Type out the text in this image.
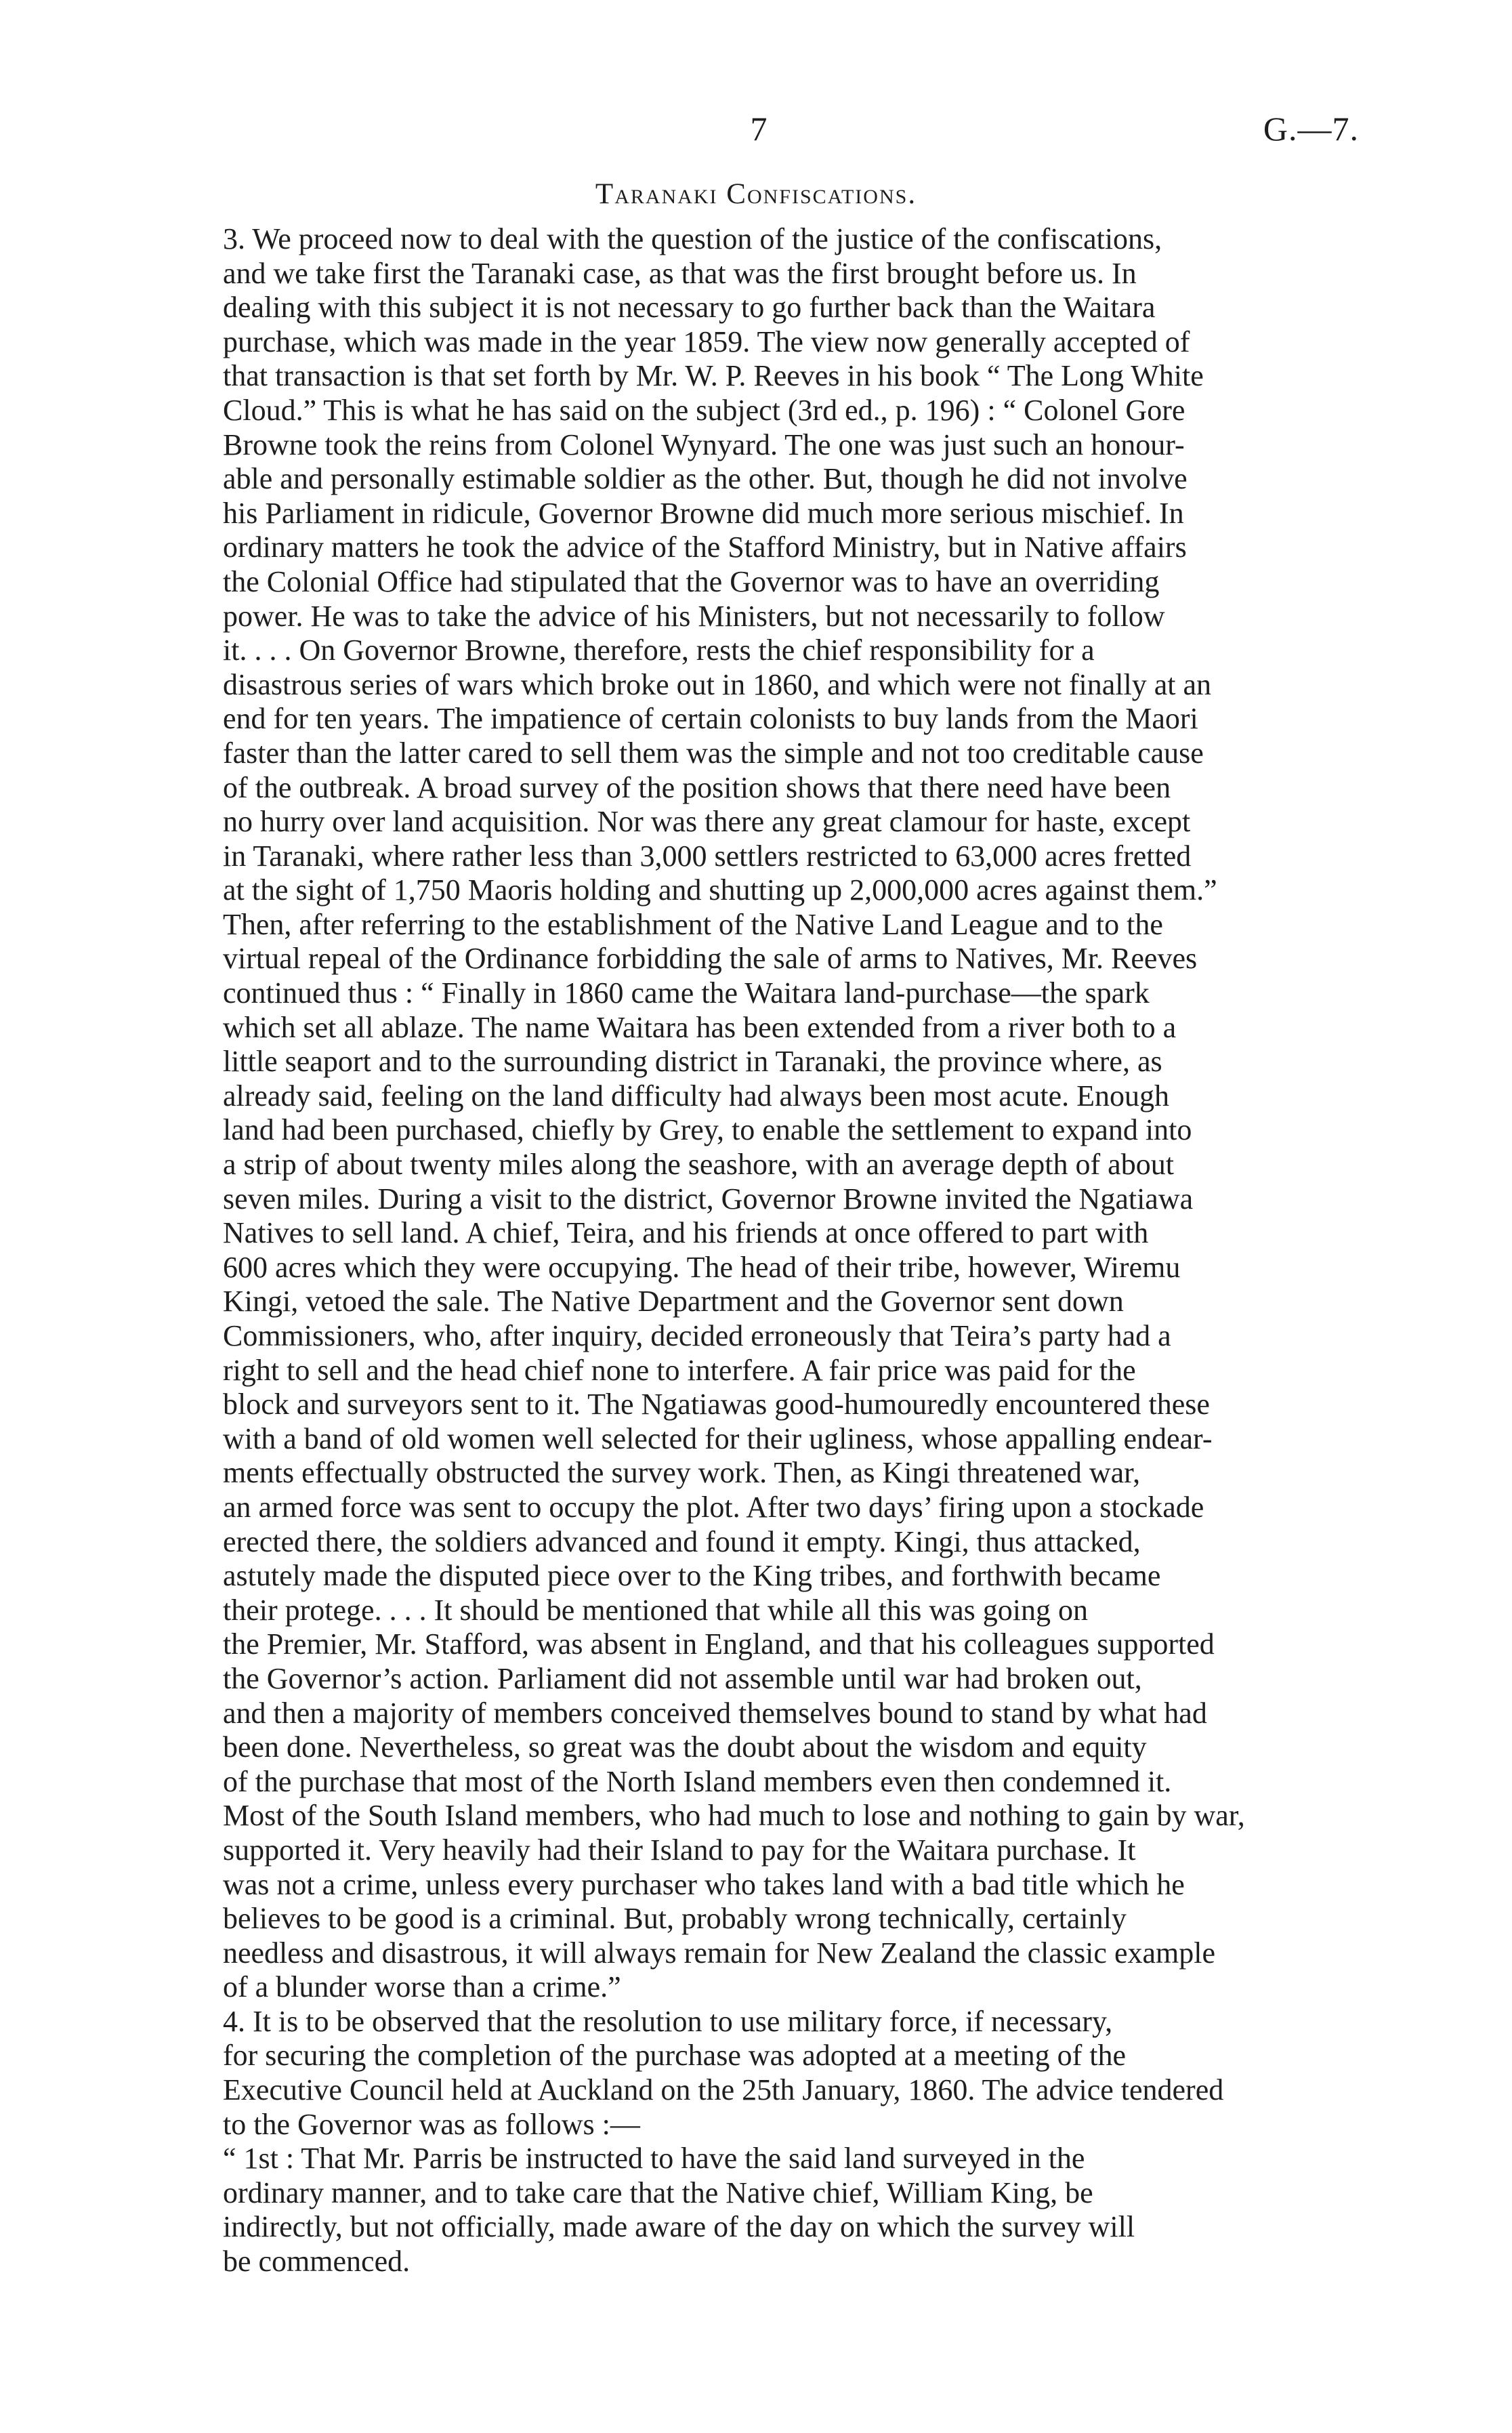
7	G.—7.
Taranaki Confiscations.

3. We proceed now to deal with the question of the justice of the confiscations,
and we take first the Taranaki case, as that was the first brought before us. In
dealing with this subject it is not necessary to go further back than the Waitara
purchase, which was made in the year 1859. The view now generally accepted of
that transaction is that set forth by Mr. W. P. Reeves in his book “ The Long White
Cloud.” This is what he has said on the subject (3rd ed., p. 196) : “ Colonel Gore
Browne took the reins from Colonel Wynyard. The one was just such an honour-
able and personally estimable soldier as the other. But, though he did not involve
his Parliament in ridicule, Governor Browne did much more serious mischief. In
ordinary matters he took the advice of the Stafford Ministry, but in Native affairs
the Colonial Office had stipulated that the Governor was to have an overriding
power. He was to take the advice of his Ministers, but not necessarily to follow
it. . . . On Governor Browne, therefore, rests the chief responsibility for a
disastrous series of wars which broke out in 1860, and which were not finally at an
end for ten years. The impatience of certain colonists to buy lands from the Maori
faster than the latter cared to sell them was the simple and not too creditable cause
of the outbreak. A broad survey of the position shows that there need have been
no hurry over land acquisition. Nor was there any great clamour for haste, except
in Taranaki, where rather less than 3,000 settlers restricted to 63,000 acres fretted
at the sight of 1,750 Maoris holding and shutting up 2,000,000 acres against them.”
Then, after referring to the establishment of the Native Land League and to the
virtual repeal of the Ordinance forbidding the sale of arms to Natives, Mr. Reeves
continued thus : “ Finally in 1860 came the Waitara land-purchase—the spark
which set all ablaze. The name Waitara has been extended from a river both to a
little seaport and to the surrounding district in Taranaki, the province where, as
already said, feeling on the land difficulty had always been most acute. Enough
land had been purchased, chiefly by Grey, to enable the settlement to expand into
a strip of about twenty miles along the seashore, with an average depth of about
seven miles. During a visit to the district, Governor Browne invited the Ngatiawa
Natives to sell land. A chief, Teira, and his friends at once offered to part with
600 acres which they were occupying. The head of their tribe, however, Wiremu
Kingi, vetoed the sale. The Native Department and the Governor sent down
Commissioners, who, after inquiry, decided erroneously that Teira’s party had a
right to sell and the head chief none to interfere. A fair price was paid for the
block and surveyors sent to it. The Ngatiawas good-humouredly encountered these
with a band of old women well selected for their ugliness, whose appalling endear-
ments effectually obstructed the survey work. Then, as Kingi threatened war,
an armed force was sent to occupy the plot. After two days’ firing upon a stockade
erected there, the soldiers advanced and found it empty. Kingi, thus attacked,
astutely made the disputed piece over to the King tribes, and forthwith became
their protege. . . . It should be mentioned that while all this was going on
the Premier, Mr. Stafford, was absent in England, and that his colleagues supported
the Governor’s action. Parliament did not assemble until war had broken out,
and then a majority of members conceived themselves bound to stand by what had
been done. Nevertheless, so great was the doubt about the wisdom and equity
of the purchase that most of the North Island members even then condemned it.
Most of the South Island members, who had much to lose and nothing to gain by war,
supported it. Very heavily had their Island to pay for the Waitara purchase. It
was not a crime, unless every purchaser who takes land with a bad title which he
believes to be good is a criminal. But, probably wrong technically, certainly
needless and disastrous, it will always remain for New Zealand the classic example
of a blunder worse than a crime.”

4. It is to be observed that the resolution to use military force, if necessary,
for securing the completion of the purchase was adopted at a meeting of the
Executive Council held at Auckland on the 25th January, 1860. The advice tendered
to the Governor was as follows :—

“ 1st : That Mr. Parris be instructed to have the said land surveyed in the
ordinary manner, and to take care that the Native chief, William King, be
indirectly, but not officially, made aware of the day on which the survey will
be commenced.
